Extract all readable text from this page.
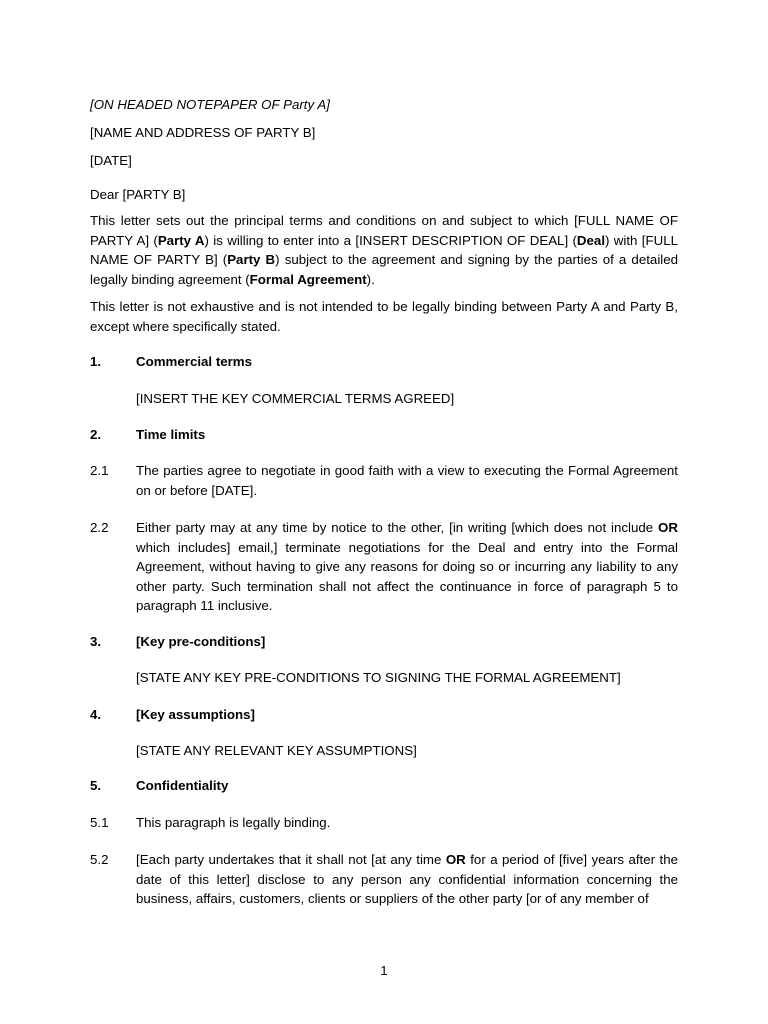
[ON HEADED NOTEPAPER OF Party A]
[NAME AND ADDRESS OF PARTY B]
[DATE]
Dear [PARTY B]
This letter sets out the principal terms and conditions on and subject to which [FULL NAME OF PARTY A] (Party A) is willing to enter into a [INSERT DESCRIPTION OF DEAL] (Deal) with [FULL NAME OF PARTY B] (Party B) subject to the agreement and signing by the parties of a detailed legally binding agreement (Formal Agreement).
This letter is not exhaustive and is not intended to be legally binding between Party A and Party B, except where specifically stated.
1.	Commercial terms
[INSERT THE KEY COMMERCIAL TERMS AGREED]
2.	Time limits
2.1 The parties agree to negotiate in good faith with a view to executing the Formal Agreement on or before [DATE].
2.2 Either party may at any time by notice to the other, [in writing [which does not include OR which includes] email,] terminate negotiations for the Deal and entry into the Formal Agreement, without having to give any reasons for doing so or incurring any liability to any other party. Such termination shall not affect the continuance in force of paragraph 5 to paragraph 11 inclusive.
3.	[Key pre-conditions]
[STATE ANY KEY PRE-CONDITIONS TO SIGNING THE FORMAL AGREEMENT]
4.	[Key assumptions]
[STATE ANY RELEVANT KEY ASSUMPTIONS]
5.	Confidentiality
5.1 This paragraph is legally binding.
5.2 [Each party undertakes that it shall not [at any time OR for a period of [five] years after the date of this letter] disclose to any person any confidential information concerning the business, affairs, customers, clients or suppliers of the other party [or of any member of
1
